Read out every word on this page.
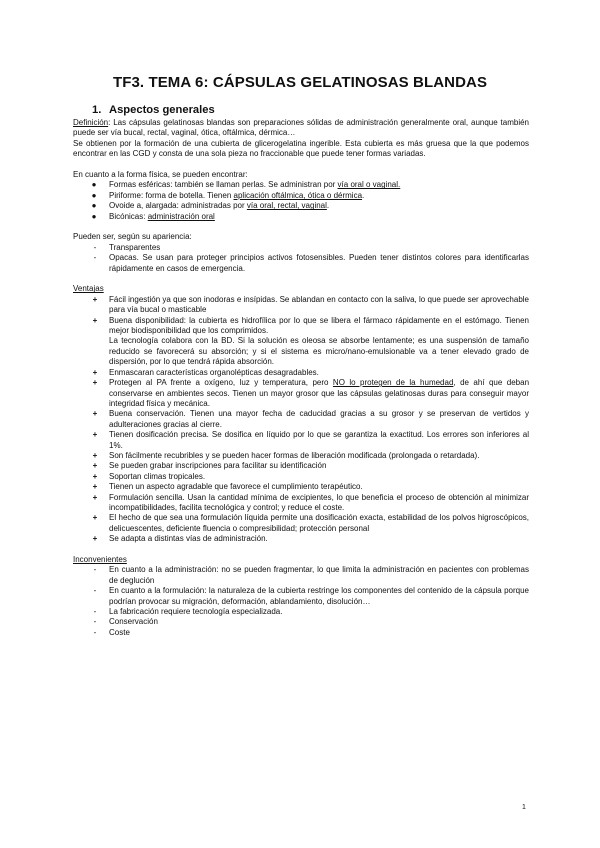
TF3. TEMA 6: CÁPSULAS GELATINOSAS BLANDAS
1. Aspectos generales

Definición: Las cápsulas gelatinosas blandas son preparaciones sólidas de administración generalmente oral, aunque también puede ser vía bucal, rectal, vaginal, ótica, oftálmica, dérmica…

Se obtienen por la formación de una cubierta de glicerogelatina ingerible. Esta cubierta es más gruesa que la que podemos encontrar en las CGD y consta de una sola pieza no fraccionable que puede tener formas variadas.

En cuanto a la forma física, se pueden encontrar:

●	Formas esféricas: también se llaman perlas. Se administran por vía oral o vaginal.
●	Piriforme: forma de botella. Tienen aplicación oftálmica, ótica o dérmica.
●	Ovoide a, alargada: administradas por vía oral, rectal, vaginal.
●	Bicónicas: administración oral

Pueden ser, según su apariencia:

-	Transparentes
-	Opacas. Se usan para proteger principios activos fotosensibles. Pueden tener distintos colores para identificarlas rápidamente en casos de emergencia.

Ventajas

+	Fácil ingestión ya que son inodoras e insípidas. Se ablandan en contacto con la saliva, lo que puede ser aprovechable para vía bucal o masticable
+	Buena disponibilidad: la cubierta es hidrofílica por lo que se libera el fármaco rápidamente en el estómago. Tienen mejor biodisponibilidad que los comprimidos.
La tecnología colabora con la BD. Si la solución es oleosa se absorbe lentamente; es una suspensión de tamaño reducido se favorecerá su absorción; y si el sistema es micro/nano-emulsionable va a tener elevado grado de dispersión, por lo que tendrá rápida absorción.
+	Enmascaran características organolépticas desagradables.
+	Protegen al PA frente a oxígeno, luz y temperatura, pero NO lo protegen de la humedad, de ahí que deban conservarse en ambientes secos. Tienen un mayor grosor que las cápsulas gelatinosas duras para conseguir mayor integridad física y mecánica.
+	Buena conservación. Tienen una mayor fecha de caducidad gracias a su grosor y se preservan de vertidos y adulteraciones gracias al cierre.
+	Tienen dosificación precisa. Se dosifica en líquido por lo que se garantiza la exactitud. Los errores son inferiores al 1%.
+	Son fácilmente recubribles y se pueden hacer formas de liberación modificada (prolongada o retardada).
+	Se pueden grabar inscripciones para facilitar su identificación
+	Soportan climas tropicales.
+	Tienen un aspecto agradable que favorece el cumplimiento terapéutico.
+	Formulación sencilla. Usan la cantidad mínima de excipientes, lo que beneficia el proceso de obtención al minimizar incompatibilidades, facilita tecnológica y control; y reduce el coste.
+	El hecho de que sea una formulación líquida permite una dosificación exacta, estabilidad de los polvos higroscópicos, delicuescentes, deficiente fluencia o compresibilidad; protección personal
+	Se adapta a distintas vías de administración.

Inconvenientes

-	En cuanto a la administración: no se pueden fragmentar, lo que limita la administración en pacientes con problemas de deglución
-	En cuanto a la formulación: la naturaleza de la cubierta restringe los componentes del contenido de la cápsula porque podrían provocar su migración, deformación, ablandamiento, disolución…
-	La fabricación requiere tecnología especializada.
-	Conservación
-	Coste
1
